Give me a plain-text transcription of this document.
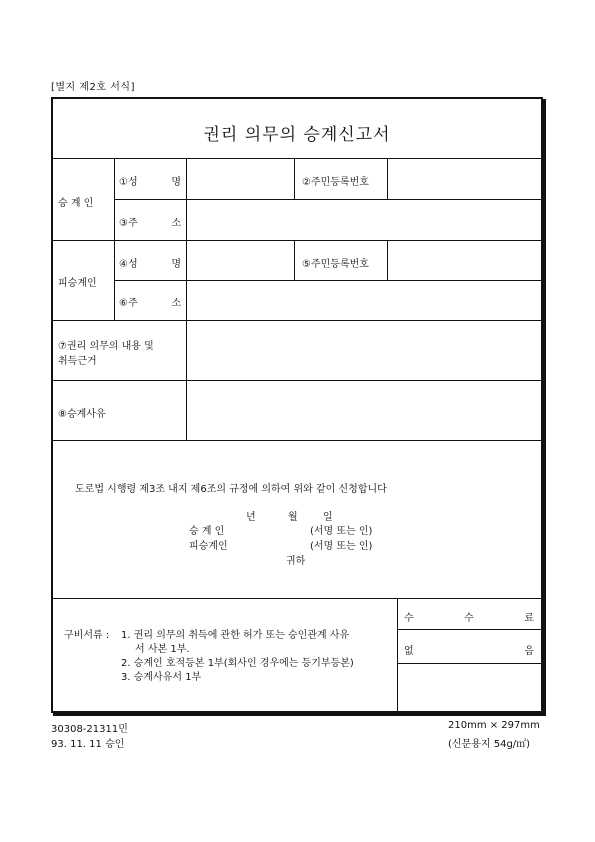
[별지 제2호 서식]
권리 의무의 승계신고서
승 계 인
①성	명	②주민등록번호
③주	소
피승계인
④성	명	⑤주민등록번호
⑥주	소
⑦권리 의무의 내용 및
취득근거
⑧승계사유
도로법 시행령 제3조 내지 제6조의 규정에 의하여 위와 같이 신청합니다
년	월	일
승 계 인	(서명 또는 인)
피승계인	(서명 또는 인)
귀하
구비서류 : 1. 권리 의무의 취득에 관한 허가 또는 승인관계 사유
서 사본 1부.
2. 승계인 호적등본 1부(회사인 경우에는 등기부등본)
3. 승계사유서 1부
수	수	료
없	음
30308-21311민
93. 11. 11 승인
210mm × 297mm
(신문용지 54g/㎡)
